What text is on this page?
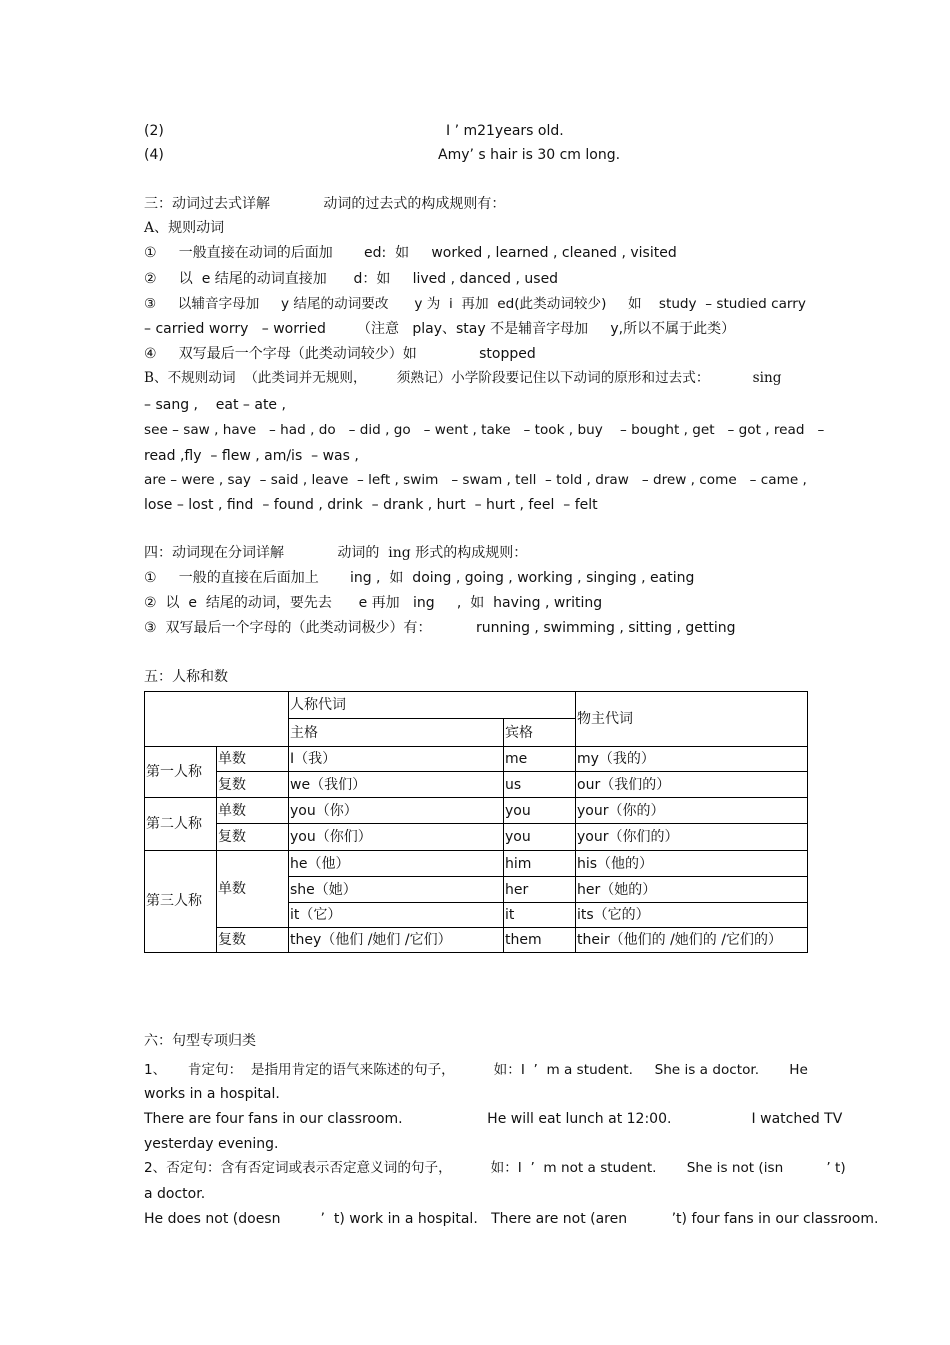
(2)	I ’ m21years old.
(4)	Amy’ s hair is 30 cm long.
三：动词过去式详解            动词的过去式的构成规则有：
A、规则动词
①     一般直接在动词的后面加       ed:  如     worked , learned , cleaned , visited
②     以  e 结尾的动词直接加      d：如     lived , danced , used
③     以辅音字母加     y 结尾的动词要改      y 为  i  再加  ed(此类动词较少)     如    study  – studied carry
– carried worry   – worried       （注意   play、stay 不是辅音字母加     y,所以不属于此类）
④     双写最后一个字母（此类动词较少）如              stopped
B、不规则动词  （此类词并无规则，       须熟记）小学阶段要记住以下动词的原形和过去式：          sing
– sang ,    eat – ate ,
see – saw , have   – had , do   – did , go   – went , take   – took , buy    – bought , get   – got , read   –
read ,fly  – flew , am/is  – was ,
are – were , say  – said , leave  – left , swim   – swam , tell  – told , draw   – drew , come   – came ,
lose – lost , find  – found , drink  – drank , hurt  – hurt , feel  – felt
四：动词现在分词详解            动词的  ing 形式的构成规则：
①     一般的直接在后面加上       ing ,  如  doing , going , working , singing , eating
②  以  e  结尾的动词，要先去      e 再加   ing     ,  如  having , writing
③  双写最后一个字母的（此类动词极少）有：          running , swimming , sitting , getting
五：人称和数
		人称代词		物主代词
		主格	宾格	
第一人称	单数	I（我）	me	my（我的）
	复数	we（我们）	us	our（我们的）
第二人称	单数	you（你）	you	your（你的）
	复数	you（你们）	you	your（你们的）
第三人称	单数	he（他）	him	his（他的）
		she（她）	her	her（她的）
		it（它）	it	its（它的）
	复数	they（他们 /她们 /它们）	them	their（他们的 /她们的 /它们的）
六：句型专项归类
1、     肯定句：  是指用肯定的语气来陈述的句子，         如：I  ’  m a student.     She is a doctor.       He
works in a hospital.
There are four fans in our classroom.                   He will eat lunch at 12:00.                  I watched TV
yesterday evening.
2、否定句：含有否定词或表示否定意义词的句子，         如：I  ’  m not a student.       She is not (isn          ’ t)
a doctor.
He does not (doesn         ’  t) work in a hospital.   There are not (aren          ’t) four fans in our classroom.
